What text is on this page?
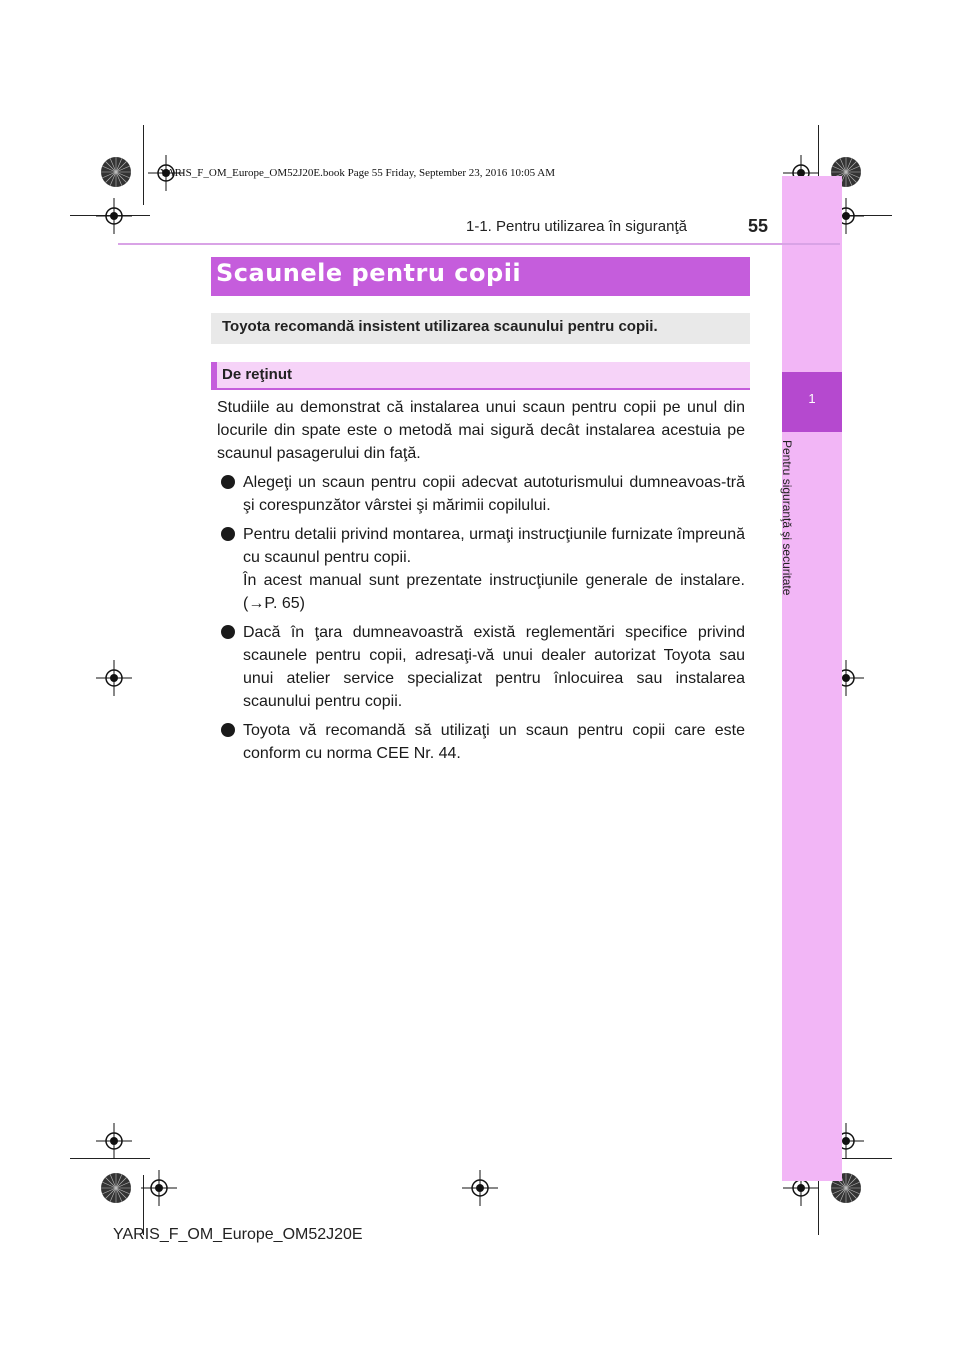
YARIS_F_OM_Europe_OM52J20E.book Page 55 Friday, September 23, 2016 10:05 AM
1
Pentru siguranţă şi securitate
1-1. Pentru utilizarea în siguranţă	55
Scaunele pentru copii
Toyota recomandă insistent utilizarea scaunului pentru copii.
De reţinut

Studiile au demonstrat că instalarea unui scaun pentru copii pe unul din locurile din spate este o metodă mai sigură decât instalarea acestuia pe scaunul pasagerului din faţă.

Alegeţi un scaun pentru copii adecvat autoturismului dumneavoas-tră şi corespunzător vârstei şi mărimii copilului.

Pentru detalii privind montarea, urmaţi instrucţiunile furnizate împreună cu scaunul pentru copii.

În acest manual sunt prezentate instrucţiunile generale de instalare. (→P. 65)

Dacă în ţara dumneavoastră există reglementări specifice privind scaunele pentru copii, adresaţi-vă unui dealer autorizat Toyota sau unui atelier service specializat pentru înlocuirea sau instalarea scaunului pentru copii.

Toyota vă recomandă să utilizaţi un scaun pentru copii care este conform cu norma CEE Nr. 44.

YARIS_F_OM_Europe_OM52J20E
